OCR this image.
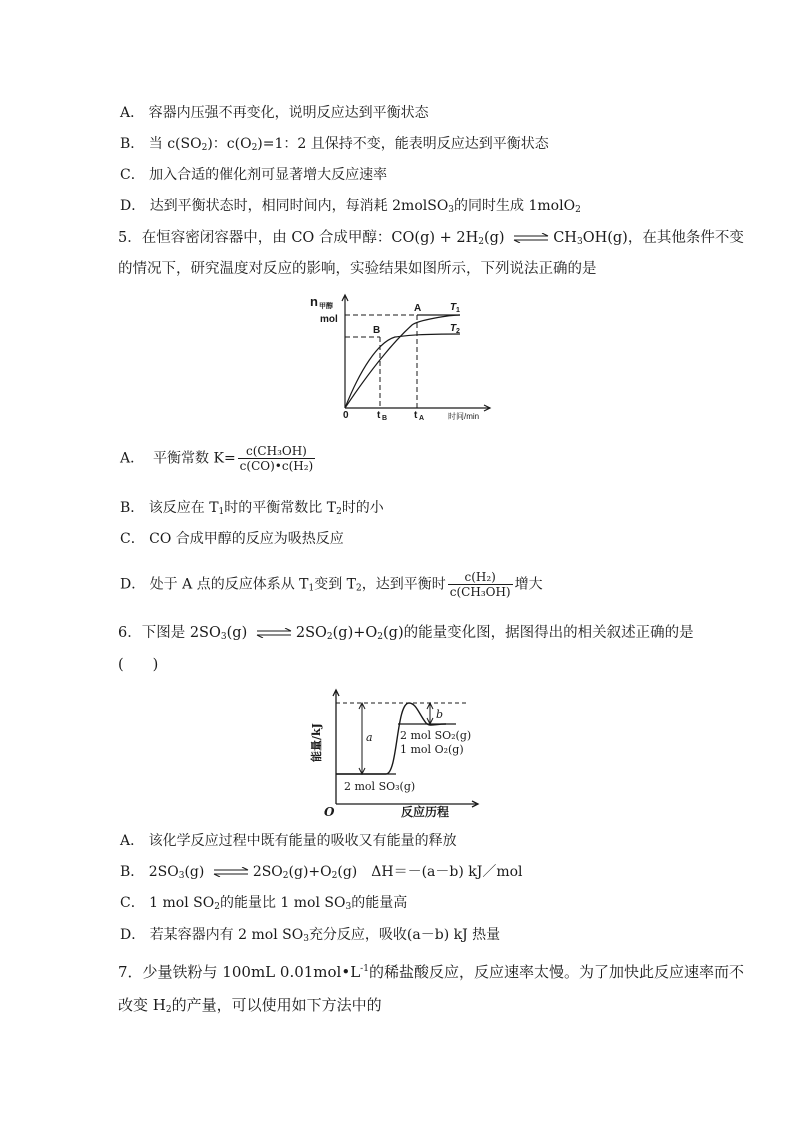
A． 容器内压强不再变化，说明反应达到平衡状态
B． 当 $c(SO_2)$：$c(O_2)=1$：2 且保持不变，能表明反应达到平衡状态
C． 加入合适的催化剂可显著增大反应速率
D． 达到平衡状态时，相同时间内，每消耗 2molSO$_3$的同时生成 1molO$_2$
5．在恒容密闭容器中，由 CO 合成甲醇：$CO(g) + 2H_2(g)$ ⇌ $CH_3OH(g)$，在其他条件不变
的情况下，研究温度对反应的影响，实验结果如图所示，下列说法正确的是
n 甲醇
mol
0	t B	t A	时间/min
A
B
T 1
T 2
A． 平衡常数 $K= \frac{\text{c(CH₃OH)}}{\text{c(CO)•c(H₂)}}$
B． 该反应在 $T_1$时的平衡常数比 $T_2$时的小
C． CO 合成甲醇的反应为吸热反应
D． 处于 A 点的反应体系从 $T_1$变到 $T_2$，达到平衡时 $\frac{\text{c(H₂)}}{\text{c(CH₃OH)}}$ 增大
6．下图是 $2SO_3(g)$ ⇌ $2SO_2(g)+O_2(g)$的能量变化图，据图得出的相关叙述正确的是
(　　)
能量/kJ
反应历程
O
a
b
2 mol SO₃(g)
2 mol SO₂(g)
1 mol O₂(g)
A． 该化学反应过程中既有能量的吸收又有能量的释放
B． $2SO_3(g)$ ⇌ $2SO_2(g)+O_2(g)$　ΔH＝－(a－b) kJ／mol
C． 1 mol $SO_2$的能量比 1 mol $SO_3$的能量高
D． 若某容器内有 2 mol $SO_3$充分反应，吸收(a－b) kJ 热量
7．少量铁粉与 100mL $0.01mol•L^{-1}$的稀盐酸反应，反应速率太慢。为了加快此反应速率而不
改变 $H_2$的产量，可以使用如下方法中的
